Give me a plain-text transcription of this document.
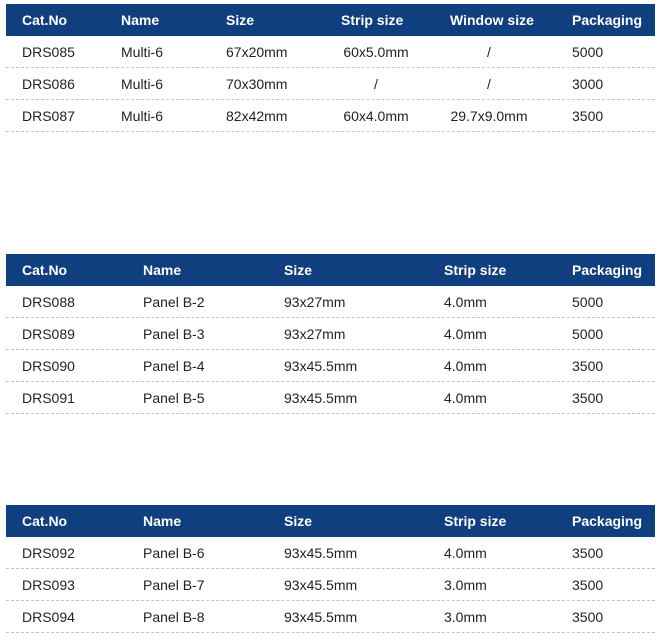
Cat.No	Name	Size	Strip size	Window size	Packaging
DRS085	Multi-6	67x20mm	60x5.0mm	/	5000
DRS086	Multi-6	70x30mm	/	/	3000
DRS087	Multi-6	82x42mm	60x4.0mm	29.7x9.0mm	3500
Cat.No	Name	Size	Strip size	Packaging
DRS088	Panel B-2	93x27mm	4.0mm	5000
DRS089	Panel B-3	93x27mm	4.0mm	5000
DRS090	Panel B-4	93x45.5mm	4.0mm	3500
DRS091	Panel B-5	93x45.5mm	4.0mm	3500
Cat.No	Name	Size	Strip size	Packaging
DRS092	Panel B-6	93x45.5mm	4.0mm	3500
DRS093	Panel B-7	93x45.5mm	3.0mm	3500
DRS094	Panel B-8	93x45.5mm	3.0mm	3500
